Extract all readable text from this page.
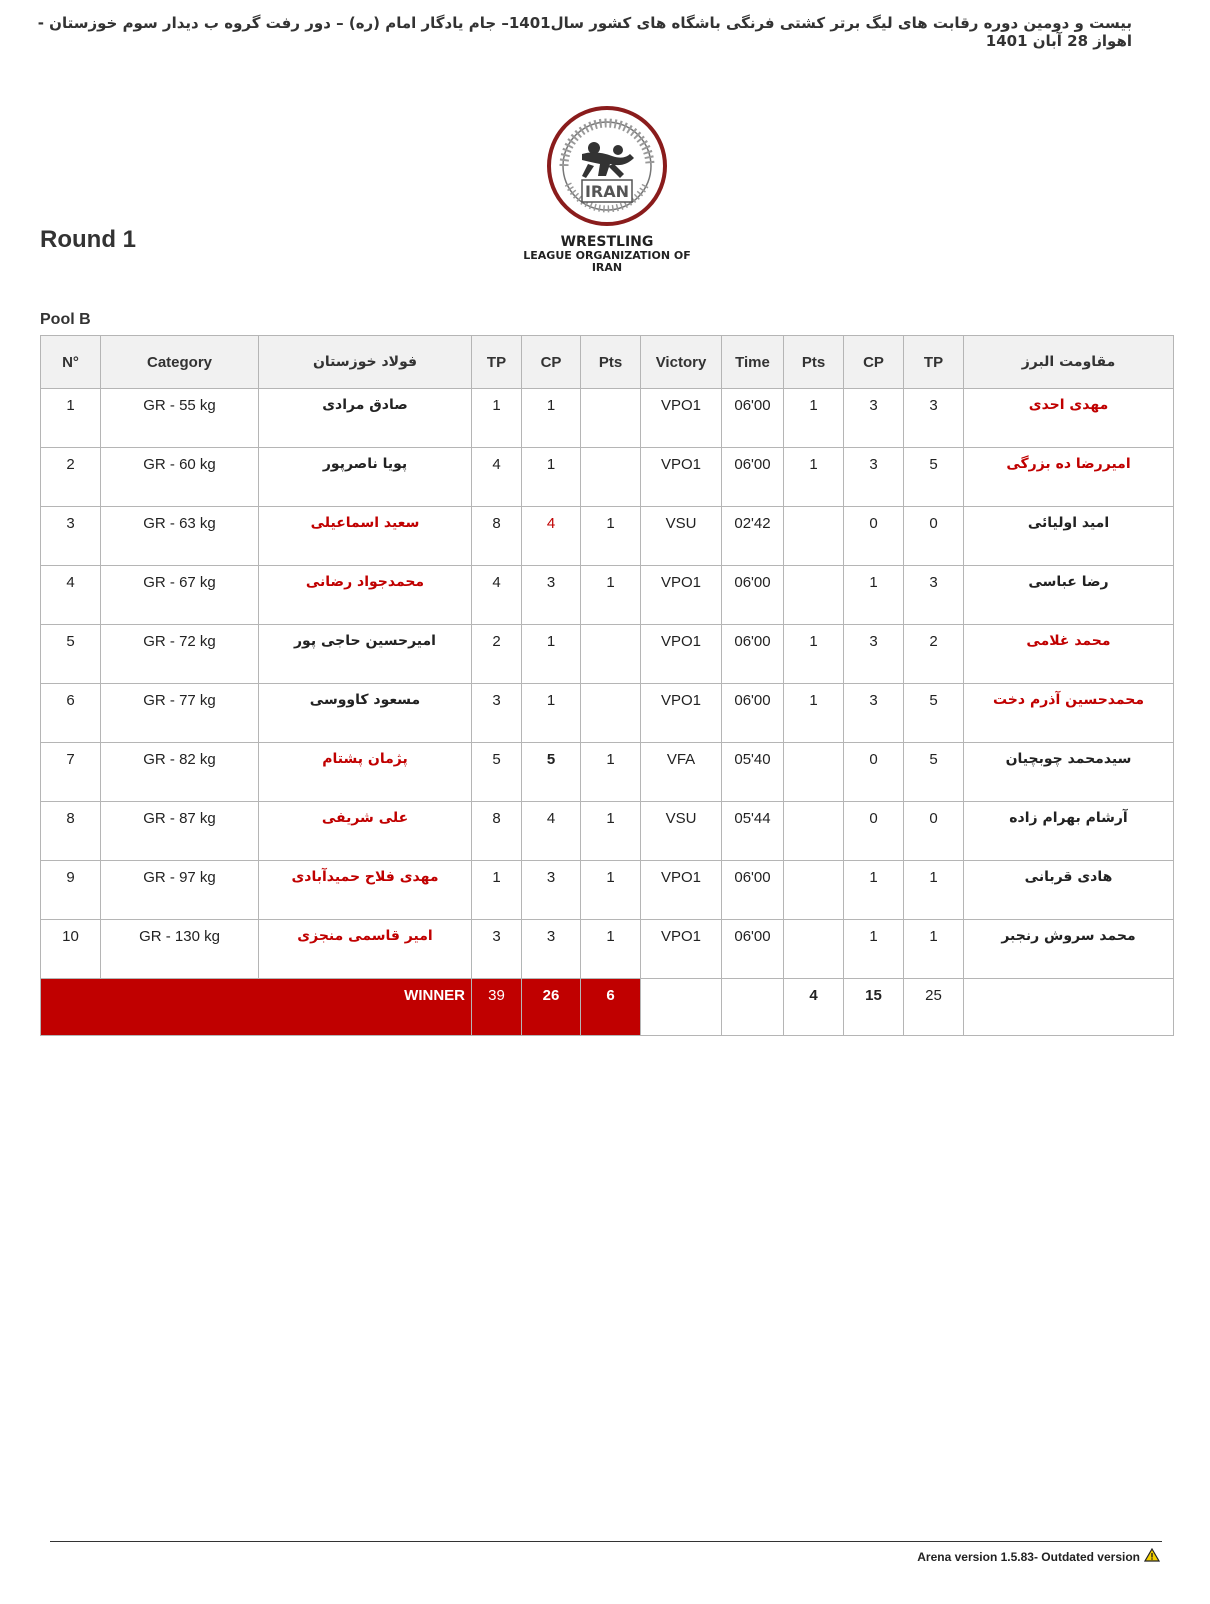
بیست و دومین دوره رقابت های لیگ برتر کشتی فرنگی باشگاه های کشور سال1401– جام یادگار امام (ره) – دور رفت گروه ب دیدار سوم خوزستان - اهواز 28 آبان 1401
IRAN
WRESTLING
LEAGUE ORGANIZATION OF
IRAN
Round 1
Pool B
N°	Category	فولاد خوزستان	TP	CP	Pts	Victory	Time	Pts	CP	TP	مقاومت البرز
1	GR - 55 kg	صادق مرادی	1	1		VPO1	06'00	1	3	3	مهدی احدی
2	GR - 60 kg	پویا ناصرپور	4	1		VPO1	06'00	1	3	5	امیررضا ده بزرگی
3	GR - 63 kg	سعید اسماعیلی	8	4	1	VSU	02'42		0	0	امید اولیائی
4	GR - 67 kg	محمدجواد رضانی	4	3	1	VPO1	06'00		1	3	رضا عباسی
5	GR - 72 kg	امیرحسین حاجی پور	2	1		VPO1	06'00	1	3	2	محمد غلامی
6	GR - 77 kg	مسعود کاووسی	3	1		VPO1	06'00	1	3	5	محمدحسین آذرم دخت
7	GR - 82 kg	پژمان پشتام	5	5	1	VFA	05'40		0	5	سیدمحمد چوبچیان
8	GR - 87 kg	علی شریفی	8	4	1	VSU	05'44		0	0	آرشام بهرام زاده
9	GR - 97 kg	مهدی فلاح حمیدآبادی	1	3	1	VPO1	06'00		1	1	هادی قربانی
10	GR - 130 kg	امیر قاسمی منجزی	3	3	1	VPO1	06'00		1	1	محمد سروش رنجبر
WINNER			39	26	6			4	15	25	
Arena version 1.5.83- Outdated version
